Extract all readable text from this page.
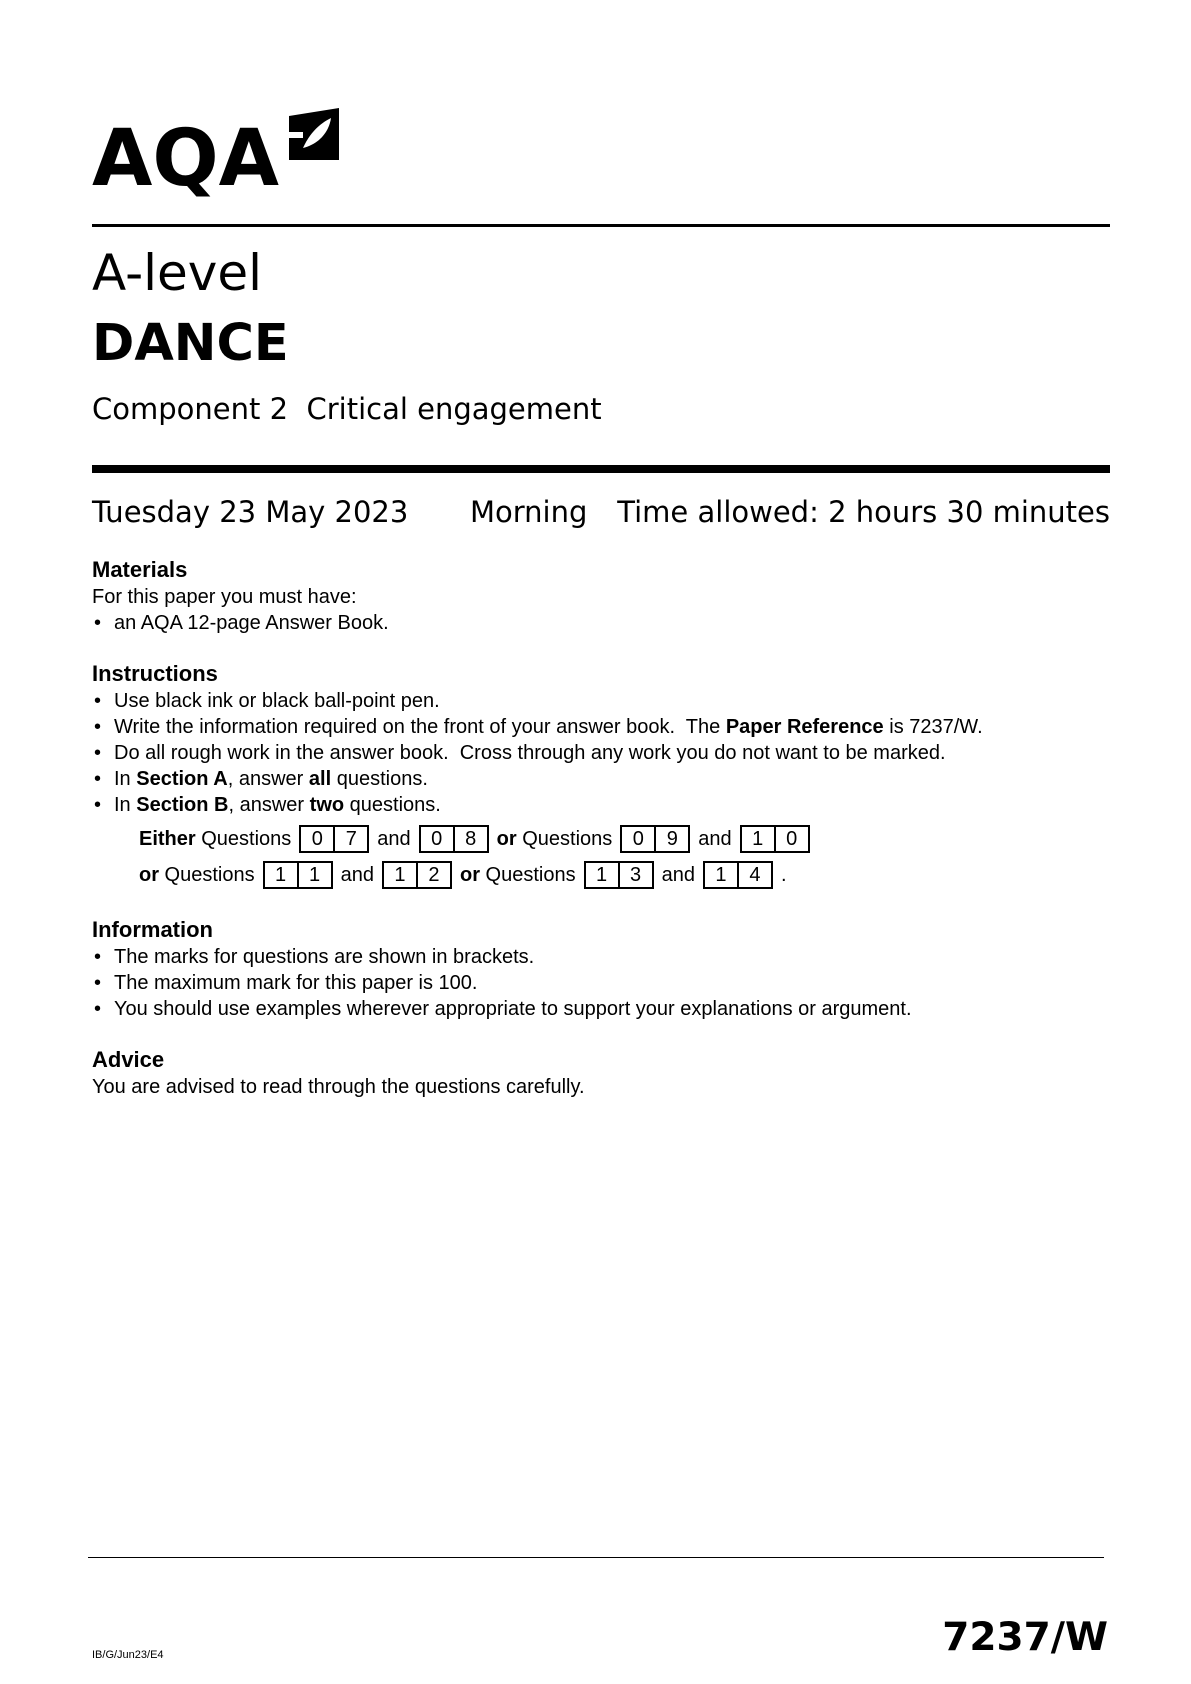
AQA
A-level
DANCE
Component 2  Critical engagement
Tuesday 23 May 2023 Morning Time allowed: 2 hours 30 minutes
Materials

For this paper you must have:

• an AQA 12-page Answer Book.
Instructions
• Use black ink or black ball-point pen.
• Write the information required on the front of your answer book.  The Paper Reference is 7237/W.
• Do all rough work in the answer book.  Cross through any work you do not want to be marked.
• In Section A, answer all questions.
• In Section B, answer two questions.
Either Questions	0	7	and	0	8	or Questions	0	9	and	1	0
or Questions	1	1	and	1	2	or Questions	1	3	and	1	4	.
Information
• The marks for questions are shown in brackets.
• The maximum mark for this paper is 100.
• You should use examples wherever appropriate to support your explanations or argument.
Advice

You are advised to read through the questions carefully.

IB/G/Jun23/E4	7237/W
